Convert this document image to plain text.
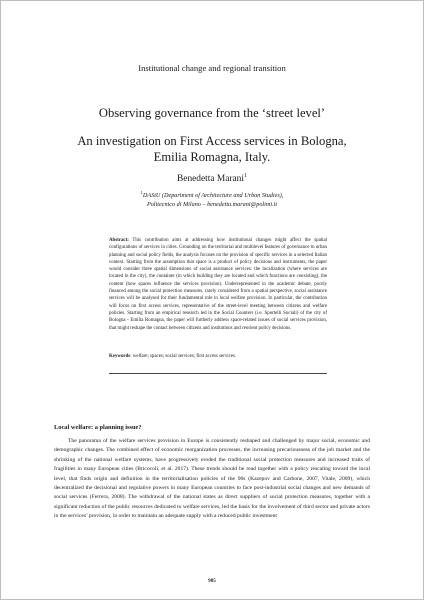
Institutional change and regional transition
Observing governance from the ‘street level’
An investigation on First Access services in Bologna,
Emilia Romagna, Italy.
Benedetta Marani$^1$
$^1$DAStU (Department of Architecture and Urban Studies),
Politecnico di Milano – benedetta.marani@polimi.it

Abstract: This contribution aims at addressing how institutional changes might affect the spatial configurations of services in cities. Grounding on the territorial and multilevel features of governance in urban planning and social policy fields, the analysis focuses on the provision of specific services in a selected Italian context. Starting from the assumption that space is a product of policy decisions and instruments, the paper would consider three spatial dimensions of social assistance services: the localization (where services are located in the city), the container (in which building they are located and which functions are coexisting), the content (how spaces influence the services provision). Underrepresented in the academic debate, poorly financed among the social protection measures, rarely considered from a spatial perspective, social assistance services will be analysed for their fundamental role in local welfare provision. In particular, the contribution will focus on first access services, representative of the street-level meeting between citizens and welfare policies. Starting from an empirical research led in the Social Counters (i.e. Sportelli Sociali) of the city of Bologna - Emilia Romagna, the paper will furtherly address space-related issues of social services provision, that might reshape the contact between citizens and institutions and reorient policy decisions.

Keywords: welfare; spaces; social services; first access services.

Local welfare: a planning issue?

The panorama of the welfare services provision in Europe is consistently reshaped and challenged by major social, economic and demographic changes. The combined effect of economic reorganization processes, the increasing precariousness of the job market and the shrinking of the national welfare systems, have progressively eroded the traditional social protection measures and increased traits of fragilities in many European cities (Bricocoli, et al. 2017). These trends should be read together with a policy rescaling toward the local level, that finds origin and definition in the territorialisation policies of the 90s (Kazepov and Carbone, 2007, Vitale, 2009), which decentralized the decisional and regulative powers in many European countries to face post-industrial social changes and new demands of social services (Ferrera, 2008). The withdrawal of the national states as direct suppliers of social protection measures, together with a significant reduction of the public resources dedicated to welfare services, led the basis for the involvement of third sector and private actors in the services’ provision, in order to maintain an adequate supply with a reduced public investment

985
